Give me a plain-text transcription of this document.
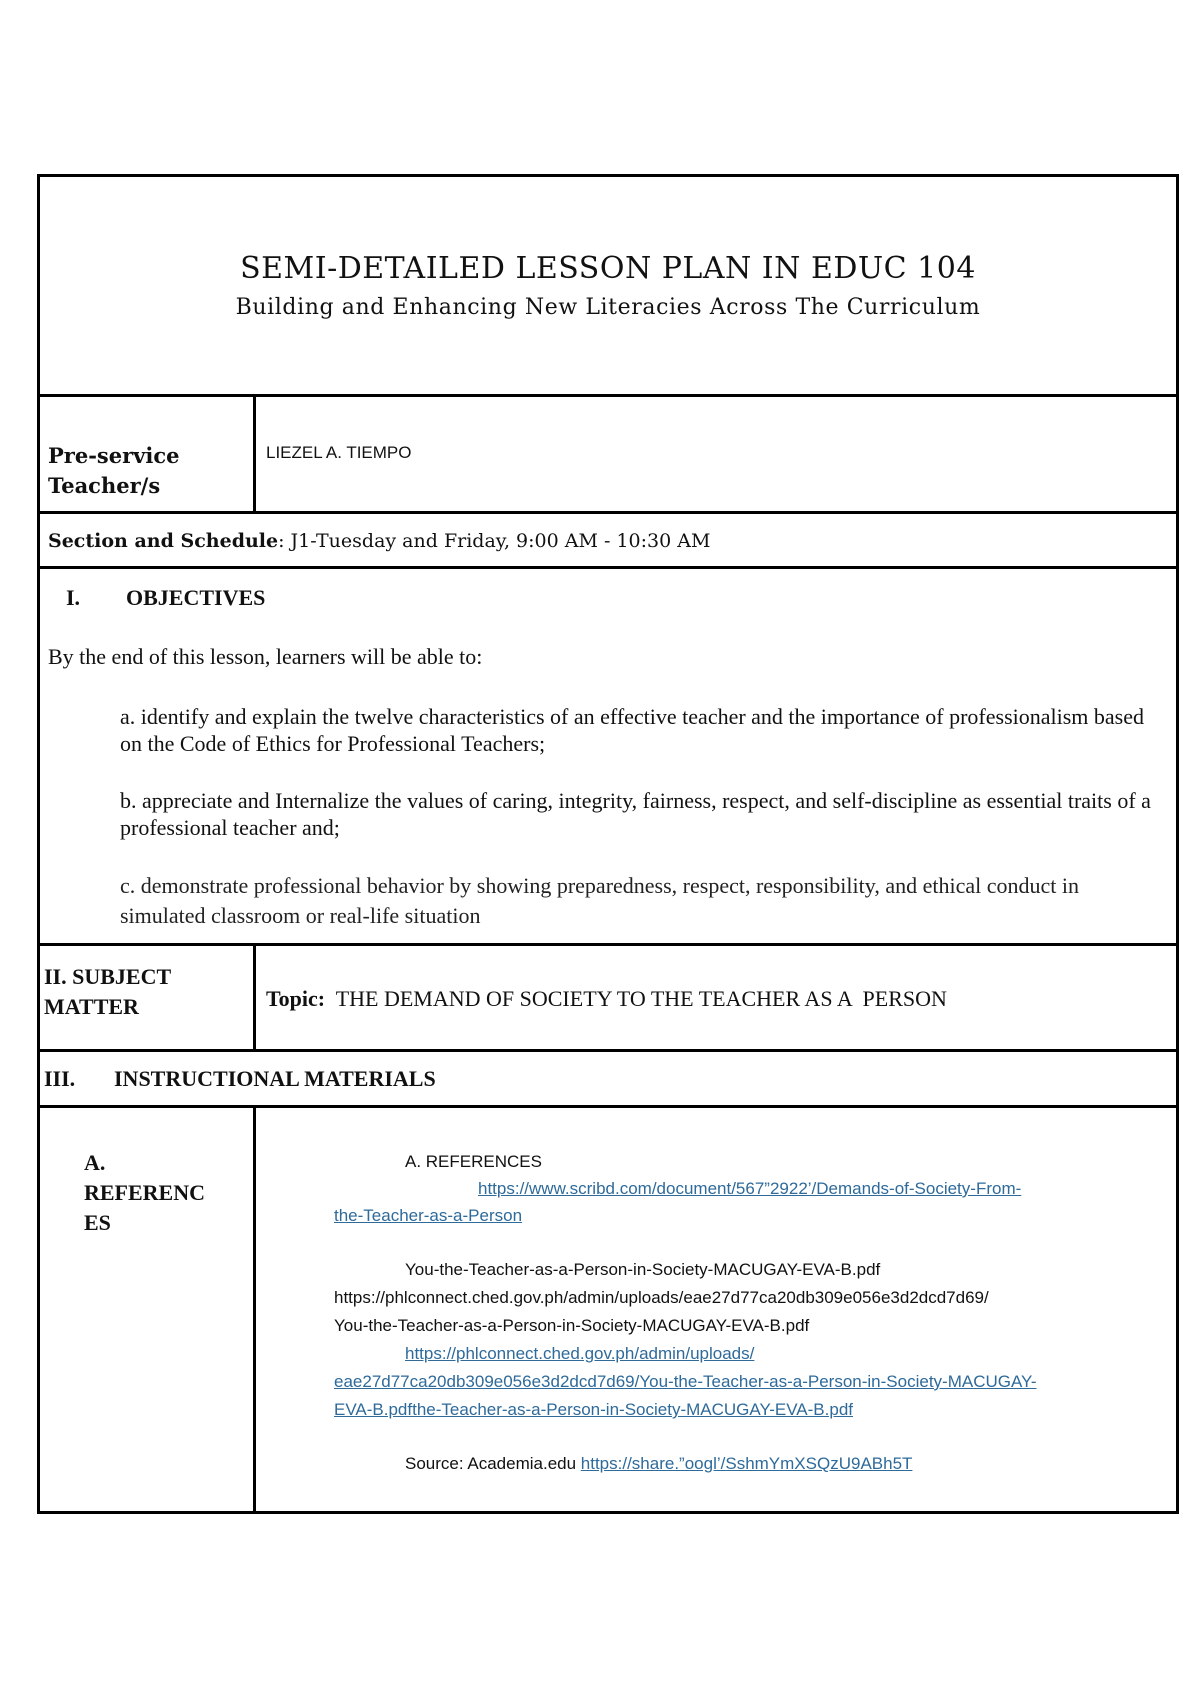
SEMI-DETAILED LESSON PLAN IN EDUC 104
Building and Enhancing New Literacies Across The Curriculum
Pre-service
Teacher/s
LIEZEL A. TIEMPO
Section and Schedule: J1-Tuesday and Friday, 9:00 AM - 10:30 AM
I. OBJECTIVES
By the end of this lesson, learners will be able to:
a. identify and explain the twelve characteristics of an effective teacher and the importance of professionalism based on the Code of Ethics for Professional Teachers;
b. appreciate and Internalize the values of caring, integrity, fairness, respect, and self-discipline as essential traits of a professional teacher and;
c. demonstrate professional behavior by showing preparedness, respect, responsibility, and ethical conduct in simulated classroom or real-life situation
II. SUBJECT
MATTER	Topic:  THE DEMAND OF SOCIETY TO THE TEACHER AS A  PERSON
III. INSTRUCTIONAL MATERIALS
A.
REFERENC
ES
A. REFERENCES
https://www.scribd.com/document/567”2922’/Demands-of-Society-From-
the-Teacher-as-a-Person
You-the-Teacher-as-a-Person-in-Society-MACUGAY-EVA-B.pdf
https://phlconnect.ched.gov.ph/admin/uploads/eae27d77ca20db309e056e3d2dcd7d69/
You-the-Teacher-as-a-Person-in-Society-MACUGAY-EVA-B.pdf
https://phlconnect.ched.gov.ph/admin/uploads/
eae27d77ca20db309e056e3d2dcd7d69/You-the-Teacher-as-a-Person-in-Society-MACUGAY-
EVA-B.pdfthe-Teacher-as-a-Person-in-Society-MACUGAY-EVA-B.pdf
Source: Academia.edu https://share.”oogl’/SshmYmXSQzU9ABh5T
